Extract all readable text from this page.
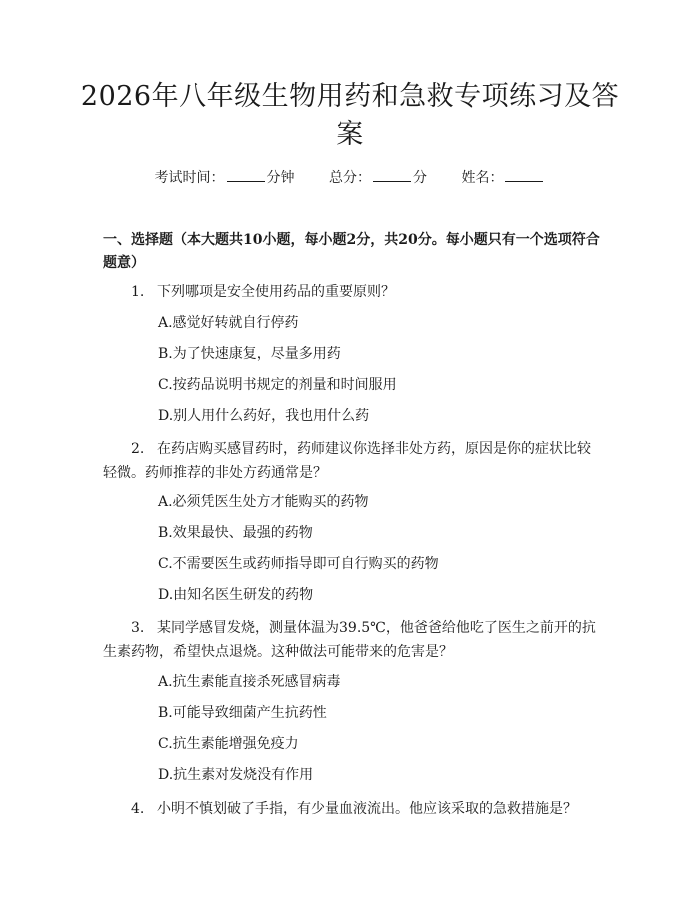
2026年八年级生物用药和急救专项练习及答
案
考试时间：	分钟 总分：	分 姓名：
一、选择题（本大题共10小题，每小题2分，共20分。每小题只有一个选项符合题意）
1. 下列哪项是安全使用药品的重要原则？
A.感觉好转就自行停药
B.为了快速康复，尽量多用药
C.按药品说明书规定的剂量和时间服用
D.别人用什么药好，我也用什么药
2. 在药店购买感冒药时，药师建议你选择非处方药，原因是你的症状比较轻微。药师推荐的非处方药通常是？
A.必须凭医生处方才能购买的药物
B.效果最快、最强的药物
C.不需要医生或药师指导即可自行购买的药物
D.由知名医生研发的药物
3. 某同学感冒发烧，测量体温为39.5℃，他爸爸给他吃了医生之前开的抗生素药物，希望快点退烧。这种做法可能带来的危害是？
A.抗生素能直接杀死感冒病毒
B.可能导致细菌产生抗药性
C.抗生素能增强免疫力
D.抗生素对发烧没有作用
4. 小明不慎划破了手指，有少量血液流出。他应该采取的急救措施是？
